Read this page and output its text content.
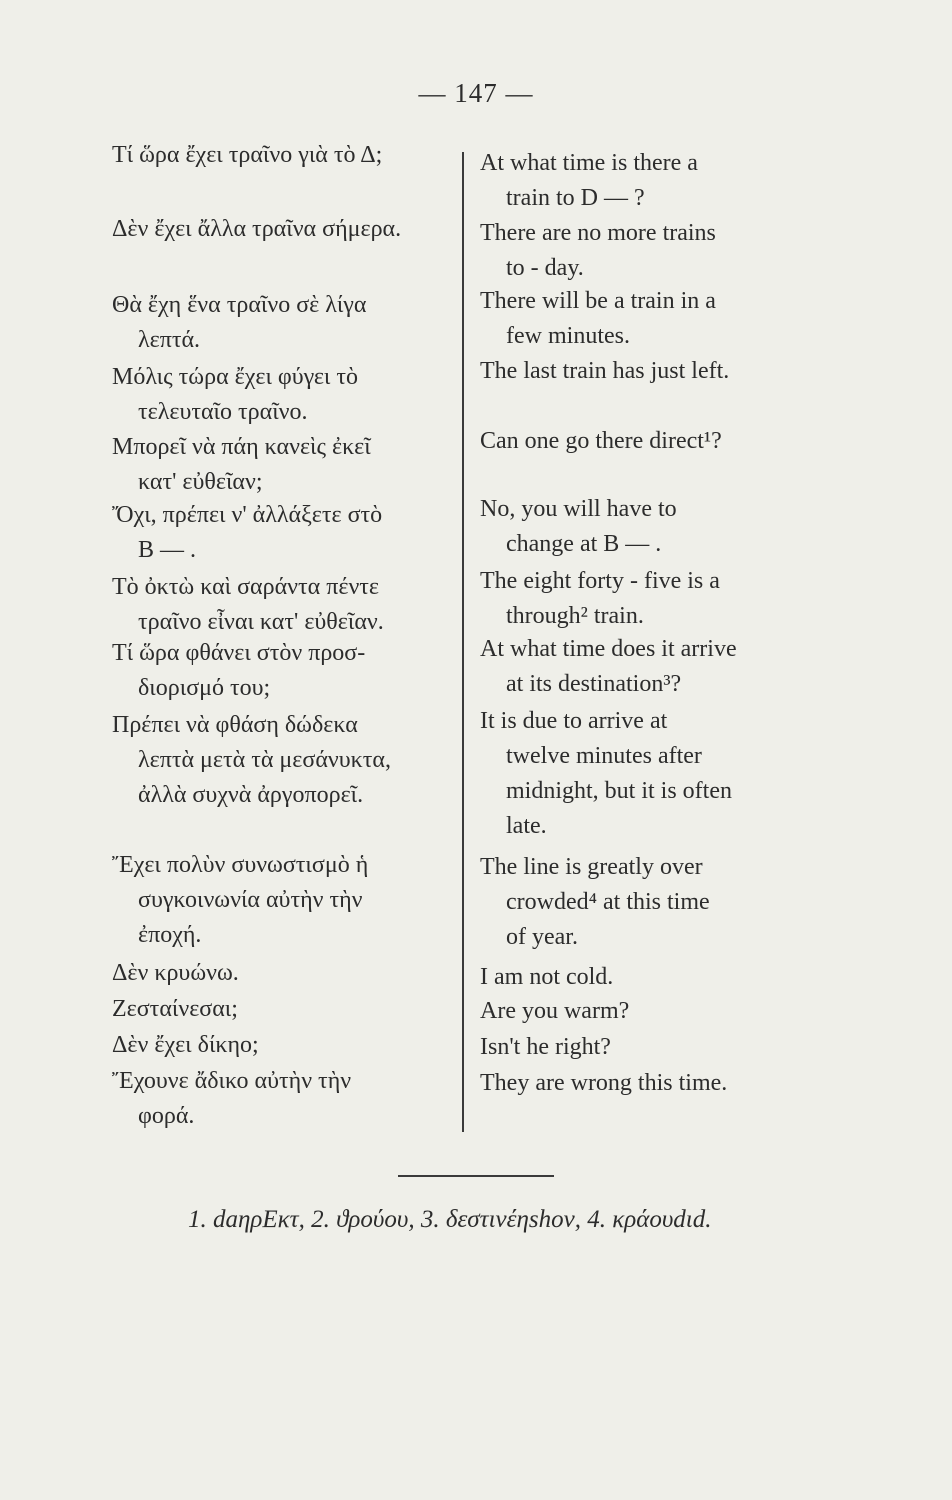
— 147 —
Τί ὥρα ἔχει τραῖνο γιὰ τὸ Δ;
Δὲν ἔχει ἄλλα τραῖνα σήμερα.
Θὰ ἔχη ἕνα τραῖνο σὲ λίγα
λεπτά.
Μόλις τώρα ἔχει φύγει τὸ
τελευταῖο τραῖνο.
Μπορεῖ νὰ πάη κανεὶς ἐκεῖ
κατ' εὐθεῖαν;
Ὄχι, πρέπει ν' ἀλλάξετε στὸ
Β — .
Τὸ ὀκτὼ καὶ σαράντα πέντε
τραῖνο εἶναι κατ' εὐθεῖαν.
Τί ὥρα φθάνει στὸν προσ-
διορισμό του;
Πρέπει νὰ φθάση δώδεκα
λεπτὰ μετὰ τὰ μεσάνυκτα,
ἀλλὰ συχνὰ ἀργοπορεῖ.
Ἔχει πολὺν συνωστισμὸ ἡ
συγκοινωνία αὐτὴν τὴν
ἐποχή.
Δὲν κρυώνω.
Ζεσταίνεσαι;
Δὲν ἔχει δίκηο;
Ἔχουνε ἄδικο αὐτὴν τὴν
φορά.
At what time is there a
train to D — ?
There are no more trains
to - day.
There will be a train in a
few minutes.
The last train has just left.
Can one go there direct¹?
No, you will have to
change at B — .
The eight forty - five is a
through² train.
At what time does it arrive
at its destination³?
It is due to arrive at
twelve minutes after
midnight, but it is often
late.
The line is greatly over
crowded⁴ at this time
of year.
I am not cold.
Are you warm?
Isn't he right?
They are wrong this time.
1. daηρΕκτ, 2. ϑρούου, 3. δεστινέηshoν, 4. κράουdιd.
